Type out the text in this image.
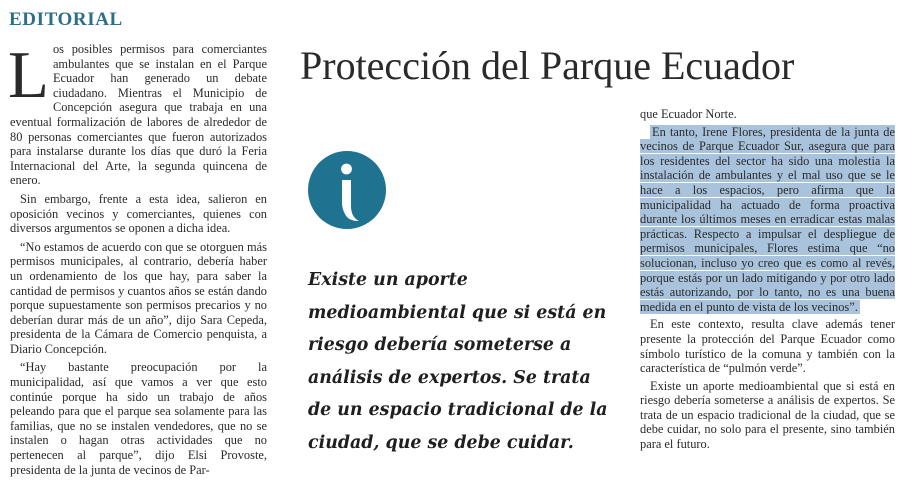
EDITORIAL

Los posibles permisos para comerciantes ambulantes que se instalan en el Parque Ecuador han generado un debate ciudadano. Mientras el Municipio de Concepción asegura que trabaja en una eventual formalización de labores de alrededor de 80 personas comerciantes que fueron autorizados para instalarse durante los días que duró la Feria Internacional del Arte, la segunda quincena de enero.

Sin embargo, frente a esta idea, salieron en oposición vecinos y comerciantes, quienes con diversos argumentos se oponen a dicha idea.

“No estamos de acuerdo con que se otorguen más permisos municipales, al contrario, debería haber un ordenamiento de los que hay, para saber la cantidad de permisos y cuantos años se están dando porque supuestamente son permisos precarios y no deberían durar más de un año”, dijo Sara Cepeda, presidenta de la Cámara de Comercio penquista, a Diario Concepción.

“Hay bastante preocupación por la municipalidad, así que vamos a ver que esto continúe porque ha sido un trabajo de años peleando para que el parque sea solamente para las familias, que no se instalen vendedores, que no se instalen o hagan otras actividades que no pertenecen al parque”, dijo Elsi Provoste, presidenta de la junta de vecinos de Par-

Protección del Parque Ecuador
Existe un aporte medioambiental que si está en riesgo debería someterse a análisis de expertos. Se trata de un espacio tradicional de la ciudad, que se debe cuidar.

que Ecuador Norte.

En tanto, Irene Flores, presidenta de la junta de vecinos de Parque Ecuador Sur, asegura que para los residentes del sector ha sido una molestia la instalación de ambulantes y el mal uso que se le hace a los espacios, pero afirma que la municipalidad ha actuado de forma proactiva durante los últimos meses en erradicar estas malas prácticas. Respecto a impulsar el despliegue de permisos municipales, Flores estima que “no solucionan, incluso yo creo que es como al revés, porque estás por un lado mitigando y por otro lado estás autorizando, por lo tanto, no es una buena medida en el punto de vista de los vecinos”.

En este contexto, resulta clave además tener presente la protección del Parque Ecuador como símbolo turístico de la comuna y también con la característica de “pulmón verde”.

Existe un aporte medioambiental que si está en riesgo debería someterse a análisis de expertos. Se trata de un espacio tradicional de la ciudad, que se debe cuidar, no solo para el presente, sino también para el futuro.
